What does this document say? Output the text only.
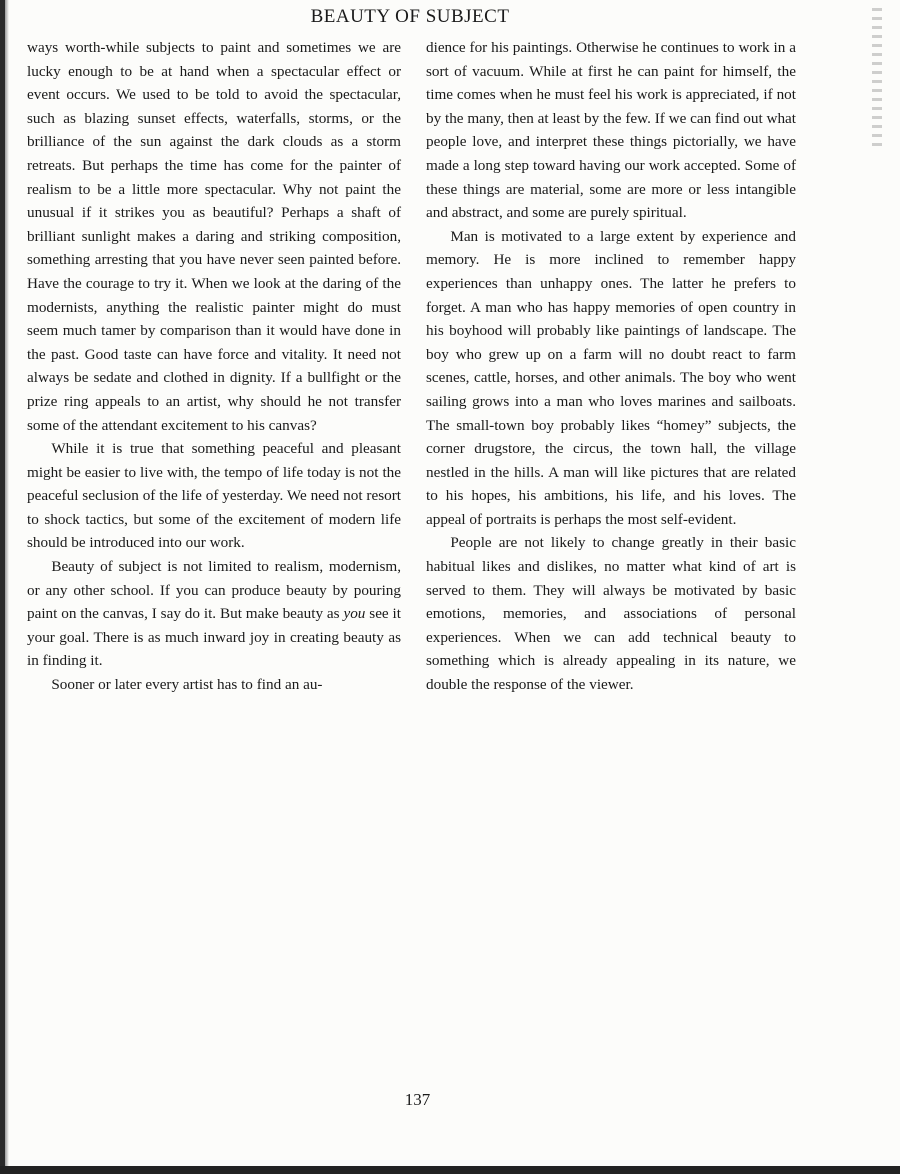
BEAUTY OF SUBJECT

ways worth-while subjects to paint and sometimes we are lucky enough to be at hand when a spectacular effect or event occurs. We used to be told to avoid the spectacular, such as blazing sunset effects, waterfalls, storms, or the brilliance of the sun against the dark clouds as a storm retreats. But perhaps the time has come for the painter of realism to be a little more spectacular. Why not paint the unusual if it strikes you as beautiful? Perhaps a shaft of brilliant sunlight makes a daring and striking composition, something arresting that you have never seen painted before. Have the courage to try it. When we look at the daring of the modernists, anything the realistic painter might do must seem much tamer by comparison than it would have done in the past. Good taste can have force and vitality. It need not always be sedate and clothed in dignity. If a bullfight or the prize ring appeals to an artist, why should he not transfer some of the attendant excitement to his canvas?

While it is true that something peaceful and pleasant might be easier to live with, the tempo of life today is not the peaceful seclusion of the life of yesterday. We need not resort to shock tactics, but some of the excitement of modern life should be introduced into our work.

Beauty of subject is not limited to realism, modernism, or any other school. If you can produce beauty by pouring paint on the canvas, I say do it. But make beauty as you see it your goal. There is as much inward joy in creating beauty as in finding it.

Sooner or later every artist has to find an au-

dience for his paintings. Otherwise he continues to work in a sort of vacuum. While at first he can paint for himself, the time comes when he must feel his work is appreciated, if not by the many, then at least by the few. If we can find out what people love, and interpret these things pictorially, we have made a long step toward having our work accepted. Some of these things are material, some are more or less intangible and abstract, and some are purely spiritual.

Man is motivated to a large extent by experience and memory. He is more inclined to remember happy experiences than unhappy ones. The latter he prefers to forget. A man who has happy memories of open country in his boyhood will probably like paintings of landscape. The boy who grew up on a farm will no doubt react to farm scenes, cattle, horses, and other animals. The boy who went sailing grows into a man who loves marines and sailboats. The small-town boy probably likes “homey” subjects, the corner drugstore, the circus, the town hall, the village nestled in the hills. A man will like pictures that are related to his hopes, his ambitions, his life, and his loves. The appeal of portraits is perhaps the most self-evident.

People are not likely to change greatly in their basic habitual likes and dislikes, no matter what kind of art is served to them. They will always be motivated by basic emotions, memories, and associations of personal experiences. When we can add technical beauty to something which is already appealing in its nature, we double the response of the viewer.

137
